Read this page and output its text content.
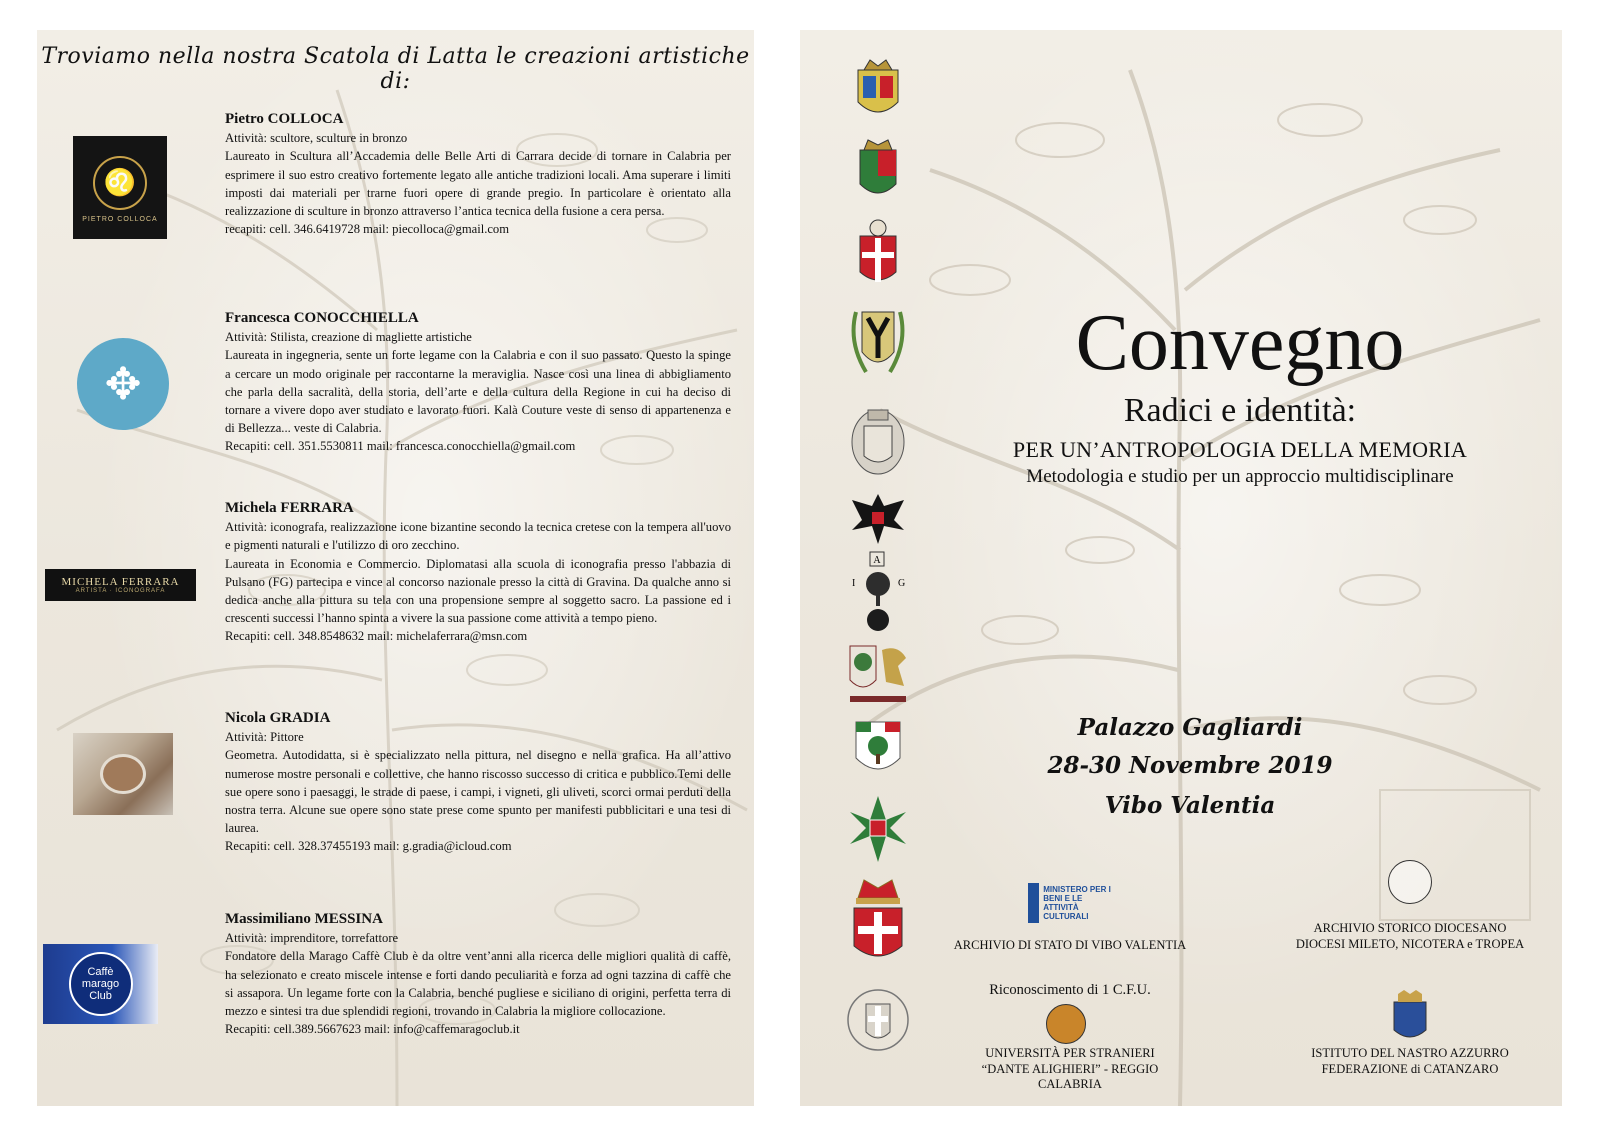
Troviamo nella nostra Scatola di Latta le creazioni artistiche di:
♌
PIETRO COLLOCA
Pietro COLLOCA

Attività: scultore, sculture in bronzo

Laureato in Scultura all’Accademia delle Belle Arti di Carrara decide di tornare in Calabria per esprimere il suo estro creativo fortemente legato alle antiche tradizioni locali. Ama superare i limiti imposti dai materiali per trarne fuori opere di grande pregio. In particolare è orientato alla realizzazione di sculture in bronzo attraverso l’antica tecnica della fusione a cera persa.

recapiti: cell. 346.6419728 mail: piecolloca@gmail.com

✥
Francesca CONOCCHIELLA

Attività: Stilista, creazione di magliette artistiche

Laureata in ingegneria, sente un forte legame con la Calabria e con il suo passato. Questo la spinge a cercare un modo originale per raccontarne la meraviglia. Nasce così una linea di abbigliamento che parla della sacralità, della storia, dell’arte e della cultura della Regione in cui ha deciso di tornare a vivere dopo aver studiato e lavorato fuori. Kalà Couture veste di senso di appartenenza e di Bellezza... veste di Calabria.

Recapiti: cell. 351.5530811 mail: francesca.conocchiella@gmail.com

MICHELA FERRARA
ARTISTA · ICONOGRAFA
Michela FERRARA

Attività: iconografa, realizzazione icone bizantine secondo la tecnica cretese con la tempera all'uovo e pigmenti naturali e l'utilizzo di oro zecchino.

Laureata in Economia e Commercio. Diplomatasi alla scuola di iconografia presso l'abbazia di Pulsano (FG) partecipa e vince al concorso nazionale presso la città di Gravina. Da qualche anno si dedica anche alla pittura su tela con una propensione sempre al soggetto sacro. La passione ed i crescenti successi l’hanno spinta a vivere la sua passione come attività a tempo pieno.

Recapiti: cell. 348.8548632 mail: michelaferrara@msn.com

Nicola GRADIA

Attività: Pittore

Geometra. Autodidatta, si è specializzato nella pittura, nel disegno e nella grafica. Ha all’attivo numerose mostre personali e collettive, che hanno riscosso successo di critica e pubblico.Temi delle sue opere sono i paesaggi, le strade di paese, i campi, i vigneti, gli uliveti, scorci ormai perduti della nostra terra. Alcune sue opere sono state prese come spunto per manifesti pubblicitari e una tesi di laurea.

Recapiti: cell. 328.37455193 mail: g.gradia@icloud.com

Caffè marago Club
Massimiliano MESSINA

Attività: imprenditore, torrefattore

Fondatore della Marago Caffè Club è da oltre vent’anni alla ricerca delle migliori qualità di caffè, ha selezionato e creato miscele intense e forti dando peculiarità e forza ad ogni tazzina di caffè che si assapora. Un legame forte con la Calabria, benché pugliese e siciliano di origini, perfetta terra di mezzo e sintesi tra due splendidi regioni, trovando in Calabria la migliore collocazione.

Recapiti: cell.389.5667623 mail: info@caffemaragoclub.it

A
I	G
Convegno
Radici e identità:
PER UN’ANTROPOLOGIA DELLA MEMORIA
Metodologia e studio per un approccio multidisciplinare
Palazzo Gagliardi
28-30 Novembre 2019
Vibo Valentia
MINISTERO PER I BENI E LE ATTIVITÀ CULTURALI
ARCHIVIO DI STATO DI VIBO VALENTIA
ARCHIVIO STORICO DIOCESANO
DIOCESI MILETO, NICOTERA e TROPEA
Riconoscimento di 1 C.F.U.
UNIVERSITÀ PER STRANIERI
“DANTE ALIGHIERI” - REGGIO CALABRIA
ISTITUTO DEL NASTRO AZZURRO
FEDERAZIONE di CATANZARO
